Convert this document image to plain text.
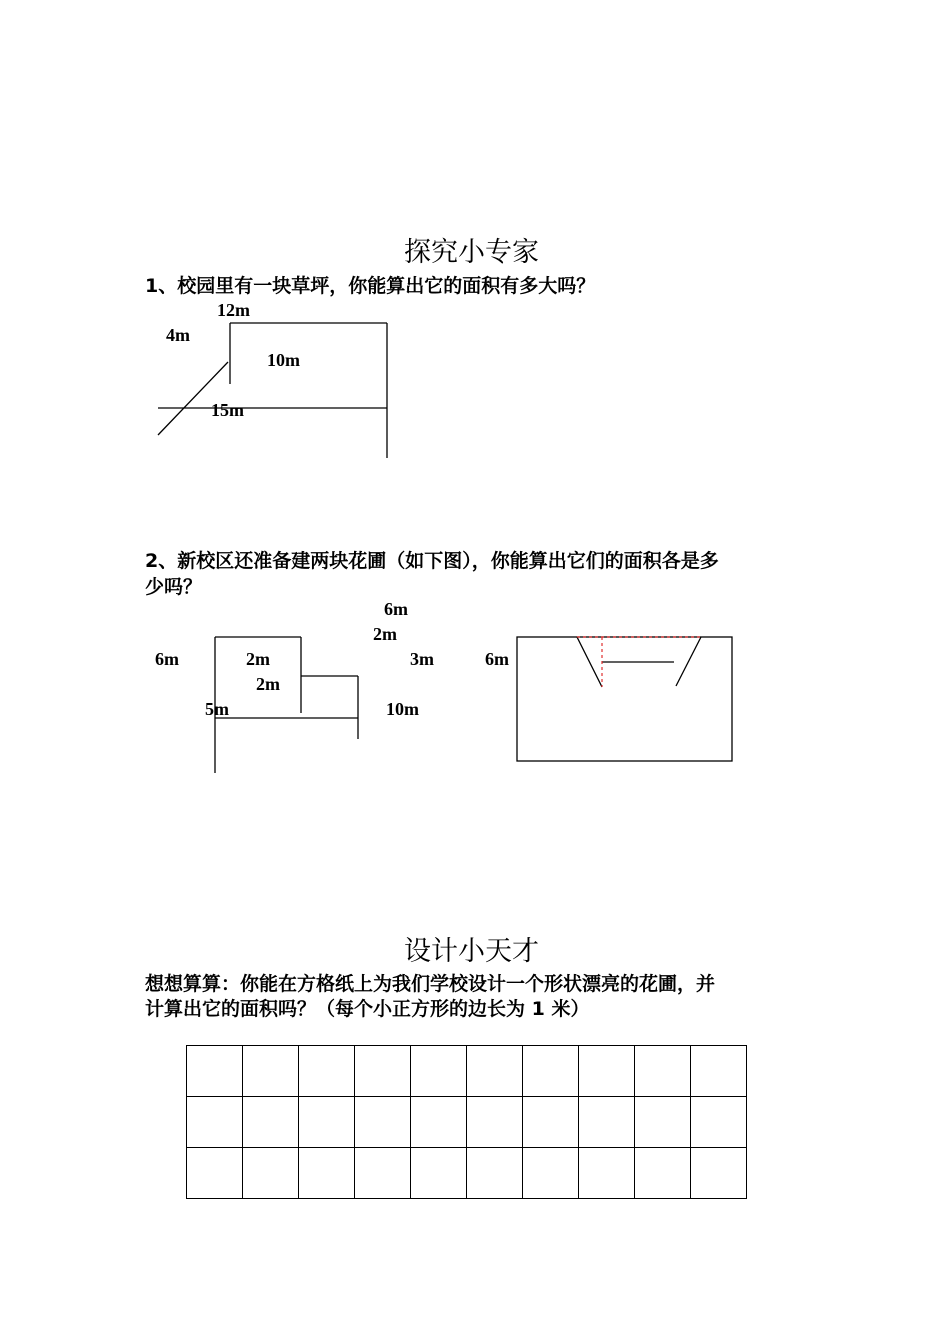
探究小专家
1、校园里有一块草坪，你能算出它的面积有多大吗？
12m
4m
10m
15m
2、新校区还准备建两块花圃（如下图），你能算出它们的面积各是多
少吗？
6m
2m
6m	2m
2m
3m
5m	10m
6m
设计小天才
想想算算：你能在方格纸上为我们学校设计一个形状漂亮的花圃，并
计算出它的面积吗？（每个小正方形的边长为 1 米）
